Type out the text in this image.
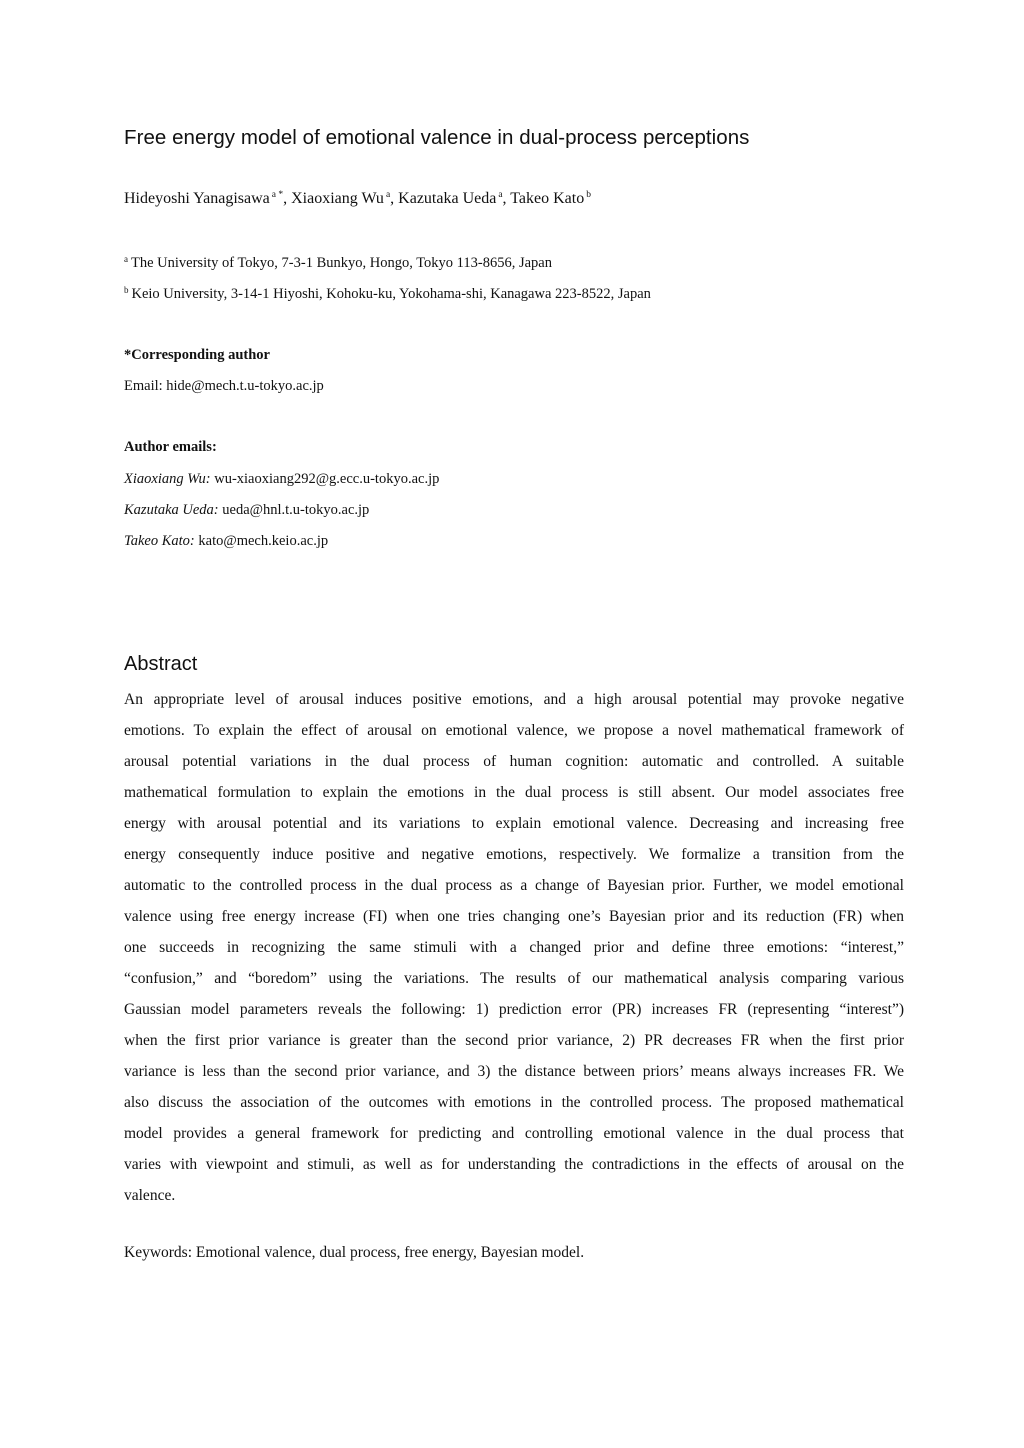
Free energy model of emotional valence in dual-process perceptions
Hideyoshi Yanagisawa $^{a *}$, Xiaoxiang Wu $^a$, Kazutaka Ueda $^a$, Takeo Kato $^b$
$^a$ The University of Tokyo, 7-3-1 Bunkyo, Hongo, Tokyo 113-8656, Japan
$^b$ Keio University, 3-14-1 Hiyoshi, Kohoku-ku, Yokohama-shi, Kanagawa 223-8522, Japan
*Corresponding author
Email: hide@mech.t.u-tokyo.ac.jp
Author emails:
Xiaoxiang Wu: wu-xiaoxiang292@g.ecc.u-tokyo.ac.jp
Kazutaka Ueda: ueda@hnl.t.u-tokyo.ac.jp
Takeo Kato: kato@mech.keio.ac.jp
Abstract
An appropriate level of arousal induces positive emotions, and a high arousal potential may provoke negative
emotions. To explain the effect of arousal on emotional valence, we propose a novel mathematical framework of
arousal potential variations in the dual process of human cognition: automatic and controlled. A suitable
mathematical formulation to explain the emotions in the dual process is still absent. Our model associates free
energy with arousal potential and its variations to explain emotional valence. Decreasing and increasing free
energy consequently induce positive and negative emotions, respectively. We formalize a transition from the
automatic to the controlled process in the dual process as a change of Bayesian prior. Further, we model emotional
valence using free energy increase (FI) when one tries changing one’s Bayesian prior and its reduction (FR) when
one succeeds in recognizing the same stimuli with a changed prior and define three emotions: “interest,”
“confusion,” and “boredom” using the variations. The results of our mathematical analysis comparing various
Gaussian model parameters reveals the following: 1) prediction error (PR) increases FR (representing “interest”)
when the first prior variance is greater than the second prior variance, 2) PR decreases FR when the first prior
variance is less than the second prior variance, and 3) the distance between priors’ means always increases FR. We
also discuss the association of the outcomes with emotions in the controlled process. The proposed mathematical
model provides a general framework for predicting and controlling emotional valence in the dual process that
varies with viewpoint and stimuli, as well as for understanding the contradictions in the effects of arousal on the
valence.
Keywords: Emotional valence, dual process, free energy, Bayesian model.
